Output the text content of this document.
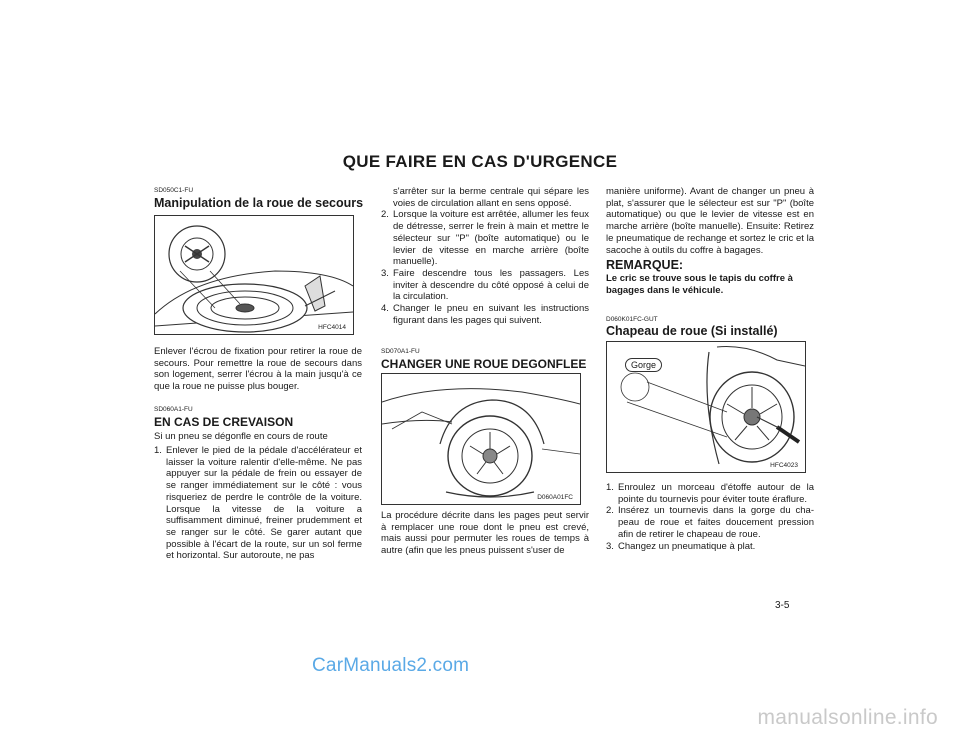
QUE FAIRE EN CAS D'URGENCE
SD050C1-FU
Manipulation de la roue de secours
HFC4014

Enlever l'écrou de fixation pour retirer la roue de secours. Pour remettre la roue de secours dans son logement, serrer l'écrou à la main jusqu'à ce que la roue ne puisse plus bouger.

SD060A1-FU
EN CAS DE CREVAISON
Si un pneu se dégonfle en cours de route
1. Enlever le pied de la pédale d'accélérateur et laisser la voiture ralentir d'elle-même. Ne pas appuyer sur la pédale de frein ou essayer de se ranger immédiatement sur le côté : vous risqueriez de perdre le contrôle de la voiture. Lorsque la vitesse de la voiture a suffisamment diminué, freiner prudemment et se ranger sur le côté. Se garer autant que possible à l'écart de la route, sur un sol ferme et horizontal. Sur autoroute, ne pas
s'arrêter sur la berme centrale qui sépare les voies de circulation allant en sens opposé.
2. Lorsque la voiture est arrêtée, allumer les feux de détresse, serrer le frein à main et mettre le sélecteur sur "P" (boîte automatique) ou le levier de vitesse en marche arrière (boîte manuelle).
3. Faire descendre tous les passagers. Les inviter à descendre du côté opposé à celui de la circulation.
4. Changer le pneu en suivant les instructions figurant dans les pages qui suivent.
SD070A1-FU
CHANGER UNE ROUE DEGONFLEE
D060A01FC

La procédure décrite dans les pages peut servir à remplacer une roue dont le pneu est crevé, mais aussi pour permuter les roues de temps à autre (afin que les pneus puissent s'user de

manière uniforme). Avant de changer un pneu à plat, s'assurer que le sélecteur est sur "P" (boîte automatique) ou que le levier de vitesse est en marche arrière (boîte manuelle). Ensuite: Retirez le pneumatique de rechange et sortez le cric et la sacoche à outils du coffre à bagages.

REMARQUE:
Le cric se trouve sous le tapis du coffre à bagages dans le véhicule.
D060K01FC-GUT
Chapeau de roue (Si installé)
Gorge
HFC4023
1. Enroulez un morceau d'étoffe autour de la pointe du tournevis pour éviter toute éraflure.
2. Insérez un tournevis dans la gorge du cha-peau de roue et faites doucement pression afin de retirer le chapeau de roue.
3. Changez un pneumatique à plat.
3-5
CarManuals2.com
manualsonline.info
